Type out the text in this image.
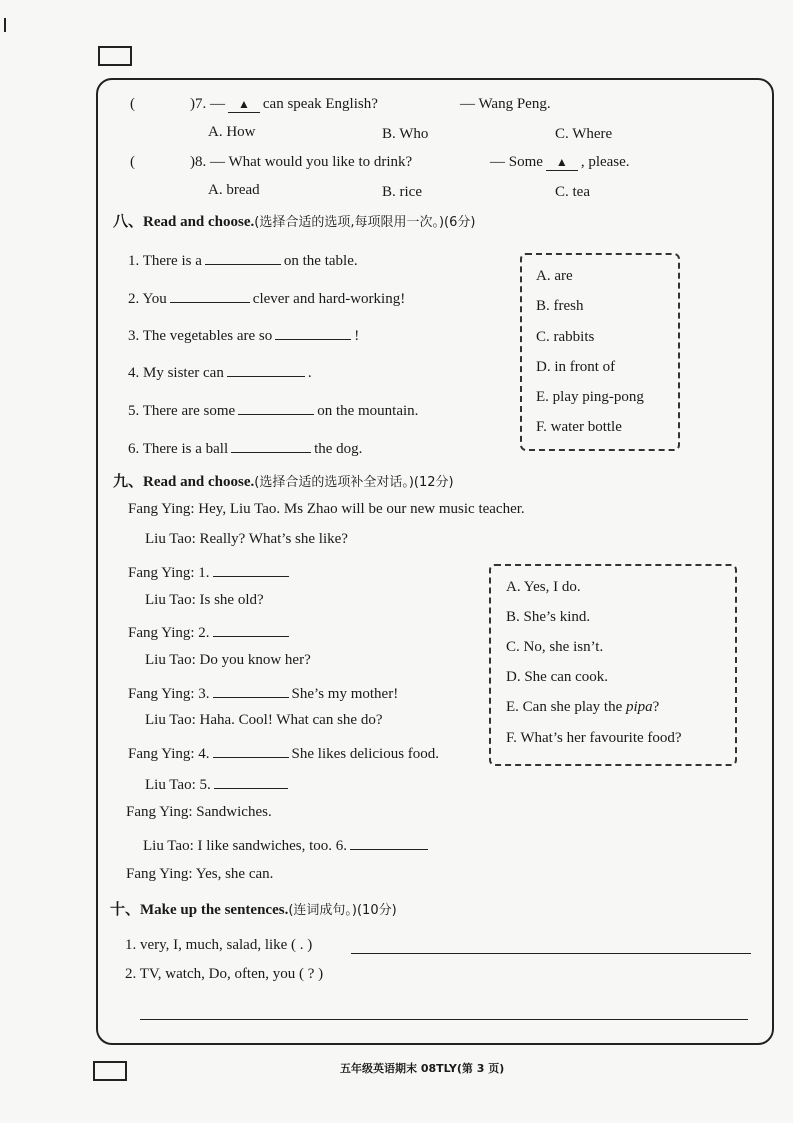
(	)7. — ▲ can speak English?	— Wang Peng.
A. How	B. Who	C. Where
(	)8. — What would you like to drink?	— Some ▲ , please.
A. bread	B. rice	C. tea
八、Read and choose.(选择合适的选项,每项限用一次。)(6分)
1. There is a	on the table.
2. You	clever and hard-working!
3. The vegetables are so	!
4. My sister can	.
5. There are some	on the mountain.
6. There is a ball	the dog.
A. are
B. fresh
C. rabbits
D. in front of
E. play ping-pong
F. water bottle
九、Read and choose.(选择合适的选项补全对话。)(12分)
Fang Ying: Hey, Liu Tao. Ms Zhao will be our new music teacher.
Liu Tao: Really? What’s she like?
Fang Ying: 1.
Liu Tao: Is she old?
Fang Ying: 2.
Liu Tao: Do you know her?
Fang Ying: 3.	She’s my mother!
Liu Tao: Haha. Cool! What can she do?
Fang Ying: 4.	She likes delicious food.
Liu Tao: 5.
Fang Ying: Sandwiches.
Liu Tao: I like sandwiches, too. 6.
Fang Ying: Yes, she can.
A. Yes, I do.
B. She’s kind.
C. No, she isn’t.
D. She can cook.
E. Can she play the pipa?
F. What’s her favourite food?
十、Make up the sentences.(连词成句。)(10分)
1. very, I, much, salad, like ( . )
2. TV, watch, Do, often, you ( ? )
五年级英语期末 08TLY(第 3 页)
